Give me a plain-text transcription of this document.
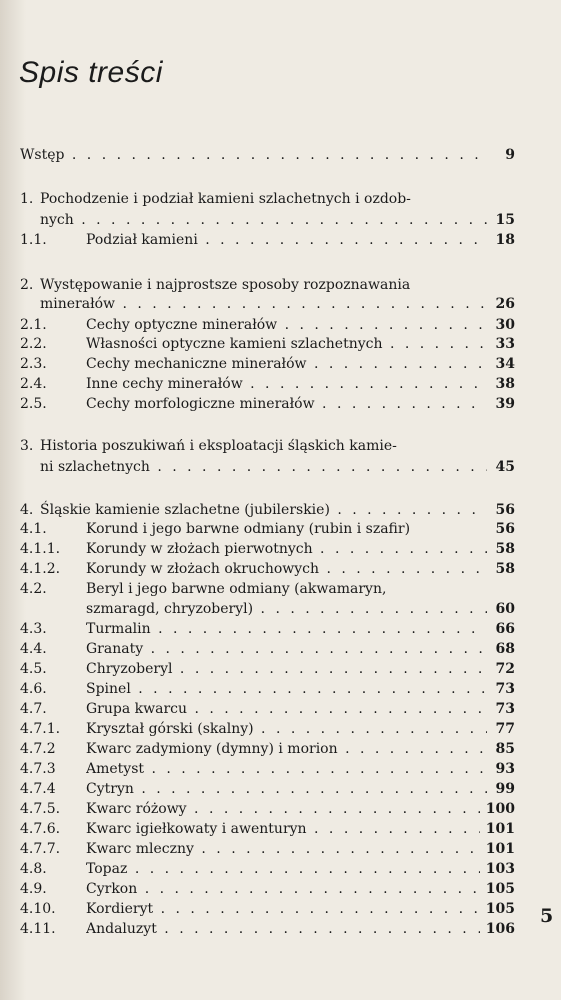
Spis treści
Wstęp . . .	9
1. Pochodzenie i podział kamieni szlachetnych i ozdob-
nych . . .	15
1.1.	Podział kamieni . . .	18
2. Występowanie i najprostsze sposoby rozpoznawania
minerałów . . .	26
2.1.	Cechy optyczne minerałów . . .	30
2.2.	Własności optyczne kamieni szlachetnych . . .	33
2.3.	Cechy mechaniczne minerałów . . .	34
2.4.	Inne cechy minerałów . . .	38
2.5.	Cechy morfologiczne minerałów . . .	39
3. Historia poszukiwań i eksploatacji śląskich kamie-
ni szlachetnych . . .	45
4. Śląskie kamienie szlachetne (jubilerskie) . . .	56
4.1.	Korund i jego barwne odmiany (rubin i szafir)	56
4.1.1. Korundy w złożach pierwotnych . . .	58
4.1.2. Korundy w złożach okruchowych . . .	58
4.2.	Beryl i jego barwne odmiany (akwamaryn,
szmaragd, chryzoberyl) . . .	60
4.3.	Turmalin . . .	66
4.4.	Granaty . . .	68
4.5.	Chryzoberyl . . .	72
4.6.	Spinel . . .	73
4.7.	Grupa kwarcu . . .	73
4.7.1. Kryształ górski (skalny) . . .	77
4.7.2 Kwarc zadymiony (dymny) i morion . . .	85
4.7.3 Ametyst . . .	93
4.7.4 Cytryn . . .	99
4.7.5. Kwarc różowy . . .	100
4.7.6. Kwarc igiełkowaty i awenturyn . . .	101
4.7.7. Kwarc mleczny . . .	101
4.8.	Topaz . . .	103
4.9.	Cyrkon . . .	105
4.10. Kordieryt . . .	105
4.11. Andaluzyt . . .	106
5
